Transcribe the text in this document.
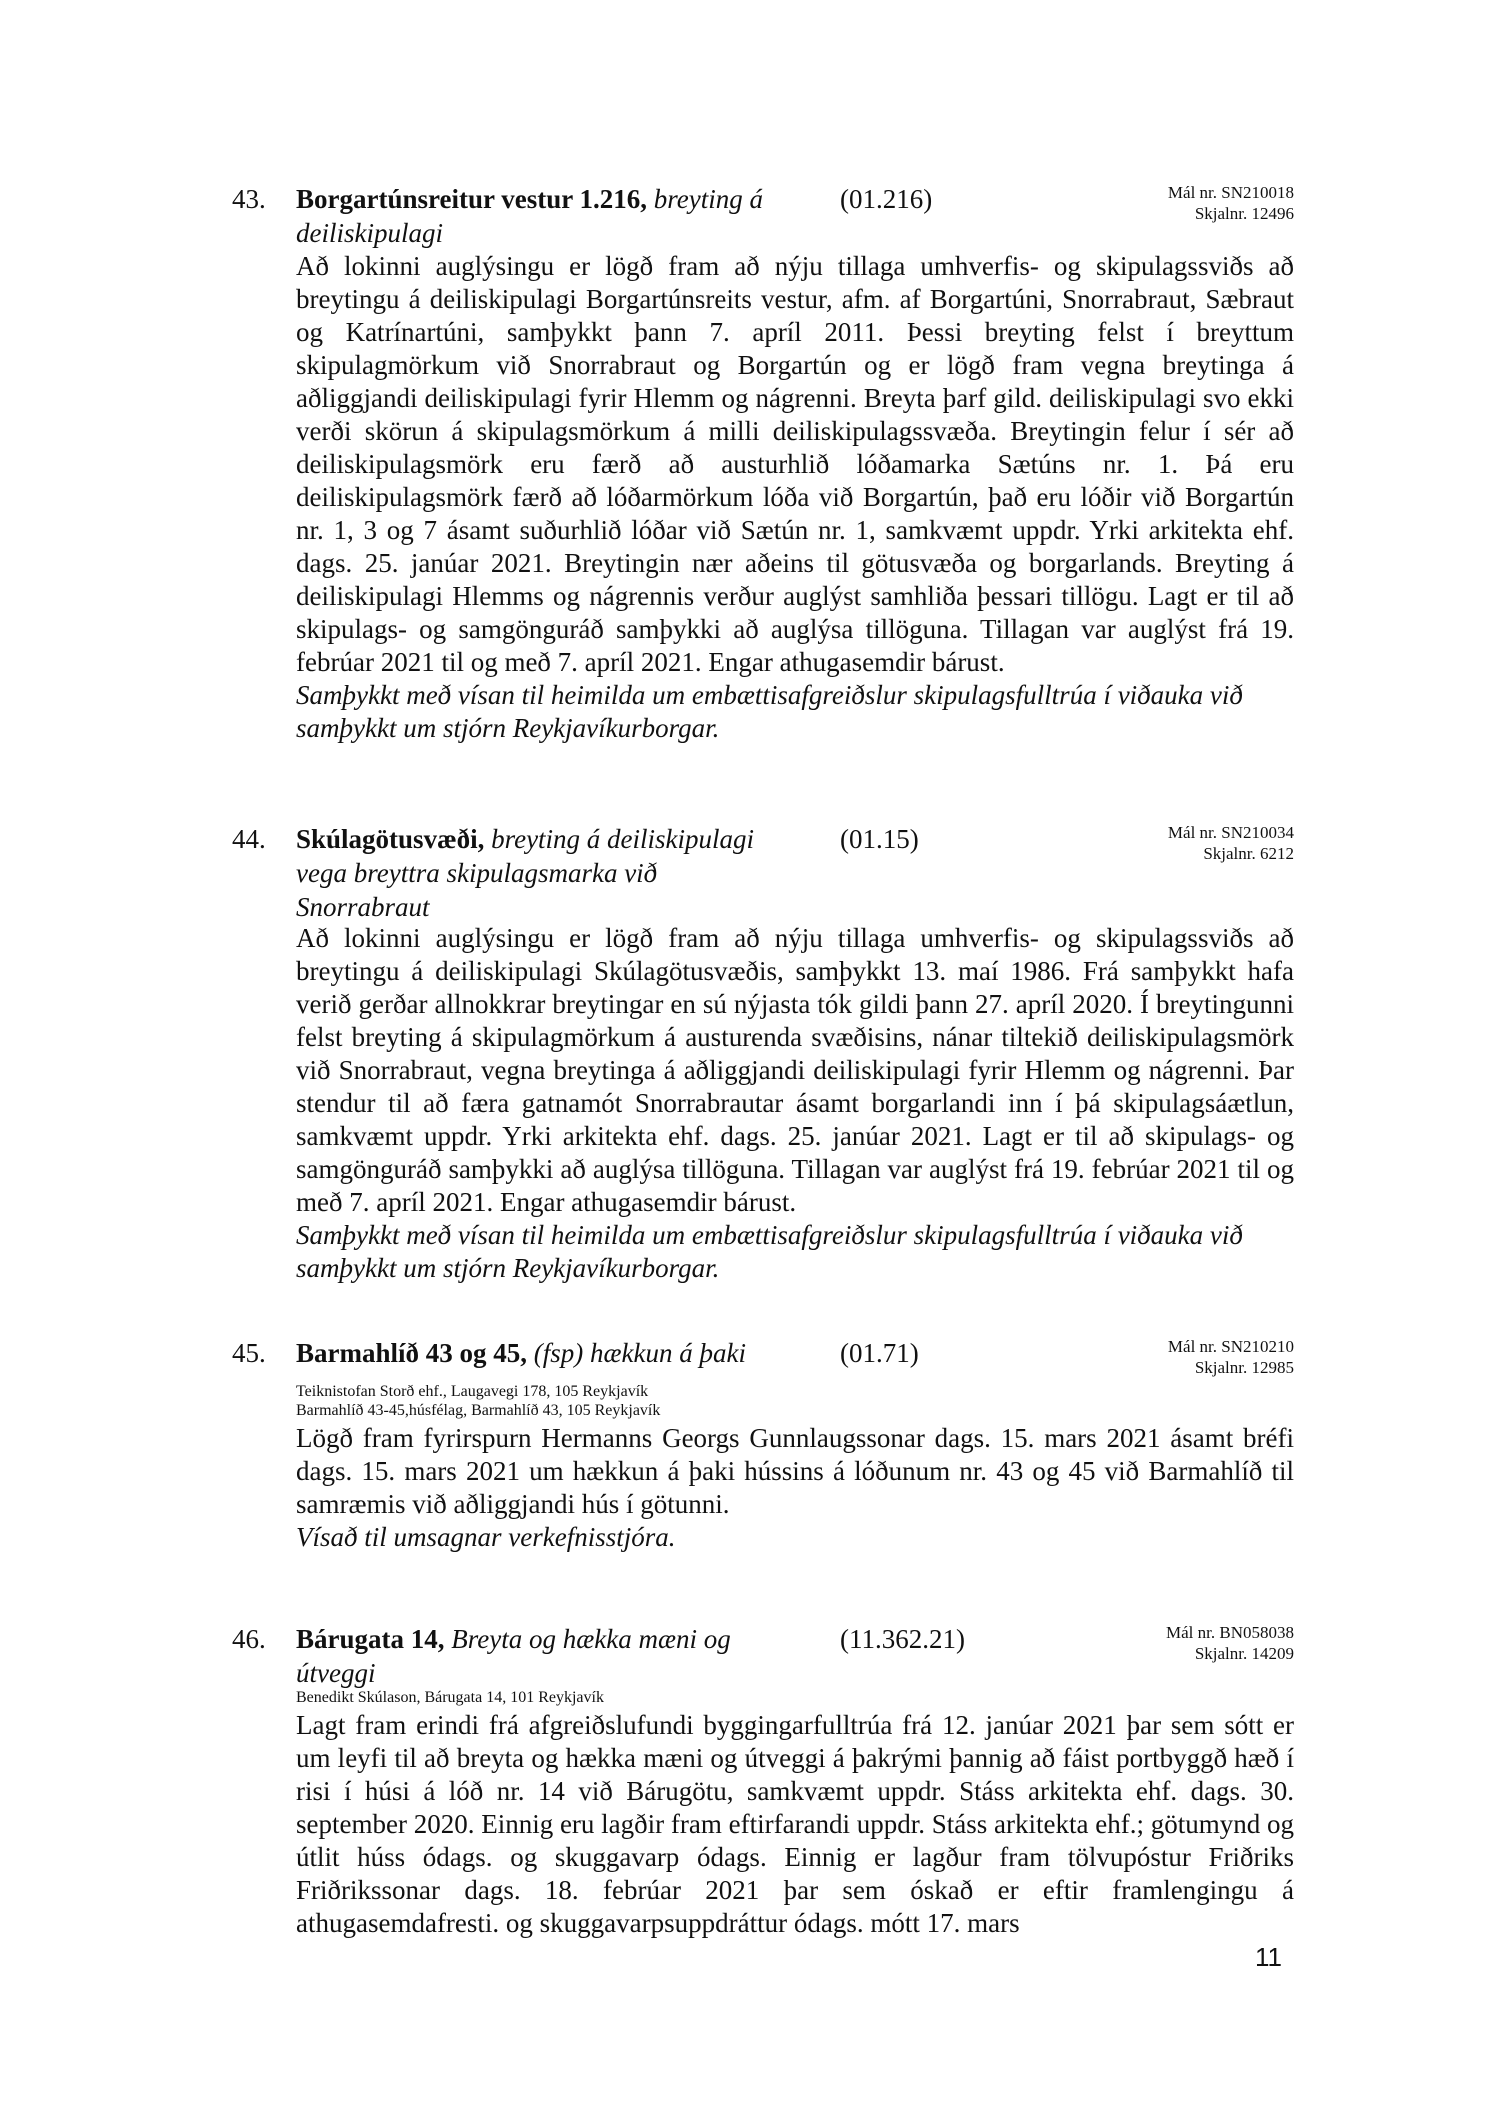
43. Borgartúnsreitur vestur 1.216, breyting á deiliskipulagi
(01.216)	Mál nr. SN210018
Skjalnr. 12496

Að lokinni auglýsingu er lögð fram að nýju tillaga umhverfis- og skipulagssviðs að breytingu á deiliskipulagi Borgartúnsreits vestur, afm. af Borgartúni, Snorrabraut, Sæbraut og Katrínartúni, samþykkt þann 7. apríl 2011. Þessi breyting felst í breyttum skipulagmörkum við Snorrabraut og Borgartún og er lögð fram vegna breytinga á aðliggjandi deiliskipulagi fyrir Hlemm og nágrenni. Breyta þarf gild. deiliskipulagi svo ekki verði skörun á skipulagsmörkum á milli deiliskipulagssvæða. Breytingin felur í sér að deiliskipulagsmörk eru færð að austurhlið lóðamarka Sætúns nr. 1. Þá eru deiliskipulagsmörk færð að lóðarmörkum lóða við Borgartún, það eru lóðir við Borgartún nr. 1, 3 og 7 ásamt suðurhlið lóðar við Sætún nr. 1, samkvæmt uppdr. Yrki arkitekta ehf. dags. 25. janúar 2021. Breytingin nær aðeins til götusvæða og borgarlands. Breyting á deiliskipulagi Hlemms og nágrennis verður auglýst samhliða þessari tillögu. Lagt er til að skipulags- og samgönguráð samþykki að auglýsa tillöguna. Tillagan var auglýst frá 19. febrúar 2021 til og með 7. apríl 2021. Engar athugasemdir bárust.

Samþykkt með vísan til heimilda um embættisafgreiðslur skipulagsfulltrúa í viðauka við samþykkt um stjórn Reykjavíkurborgar.

44. Skúlagötusvæði, breyting á deiliskipulagi vega breyttra skipulagsmarka við Snorrabraut
(01.15)	Mál nr. SN210034
Skjalnr. 6212

Að lokinni auglýsingu er lögð fram að nýju tillaga umhverfis- og skipulagssviðs að breytingu á deiliskipulagi Skúlagötusvæðis, samþykkt 13. maí 1986. Frá samþykkt hafa verið gerðar allnokkrar breytingar en sú nýjasta tók gildi þann 27. apríl 2020. Í breytingunni felst breyting á skipulagmörkum á austurenda svæðisins, nánar tiltekið deiliskipulagsmörk við Snorrabraut, vegna breytinga á aðliggjandi deiliskipulagi fyrir Hlemm og nágrenni. Þar stendur til að færa gatnamót Snorrabrautar ásamt borgarlandi inn í þá skipulagsáætlun, samkvæmt uppdr. Yrki arkitekta ehf. dags. 25. janúar 2021. Lagt er til að skipulags- og samgönguráð samþykki að auglýsa tillöguna. Tillagan var auglýst frá 19. febrúar 2021 til og með 7. apríl 2021. Engar athugasemdir bárust.

Samþykkt með vísan til heimilda um embættisafgreiðslur skipulagsfulltrúa í viðauka við samþykkt um stjórn Reykjavíkurborgar.

45. Barmahlíð 43 og 45, (fsp) hækkun á þaki	(01.71)	Mál nr. SN210210
Skjalnr. 12985

Teiknistofan Storð ehf., Laugavegi 178, 105 Reykjavík

Barmahlíð 43-45,húsfélag, Barmahlíð 43, 105 Reykjavík

Lögð fram fyrirspurn Hermanns Georgs Gunnlaugssonar dags. 15. mars 2021 ásamt bréfi dags. 15. mars 2021 um hækkun á þaki hússins á lóðunum nr. 43 og 45 við Barmahlíð til samræmis við aðliggjandi hús í götunni.

Vísað til umsagnar verkefnisstjóra.

46. Bárugata 14, Breyta og hækka mæni og útveggi
(11.362.21)	Mál nr. BN058038
Skjalnr. 14209

Benedikt Skúlason, Bárugata 14, 101 Reykjavík

Lagt fram erindi frá afgreiðslufundi byggingarfulltrúa frá 12. janúar 2021 þar sem sótt er um leyfi til að breyta og hækka mæni og útveggi á þakrými þannig að fáist portbyggð hæð í risi í húsi á lóð nr. 14 við Bárugötu, samkvæmt uppdr. Stáss arkitekta ehf. dags. 30. september 2020. Einnig eru lagðir fram eftirfarandi uppdr. Stáss arkitekta ehf.; götumynd og útlit húss ódags. og skuggavarp ódags. Einnig er lagður fram tölvupóstur Friðriks Friðrikssonar dags. 18. febrúar 2021 þar sem óskað er eftir framlengingu á athugasemdafresti. og skuggavarpsuppdráttur ódags. mótt 17. mars

11
